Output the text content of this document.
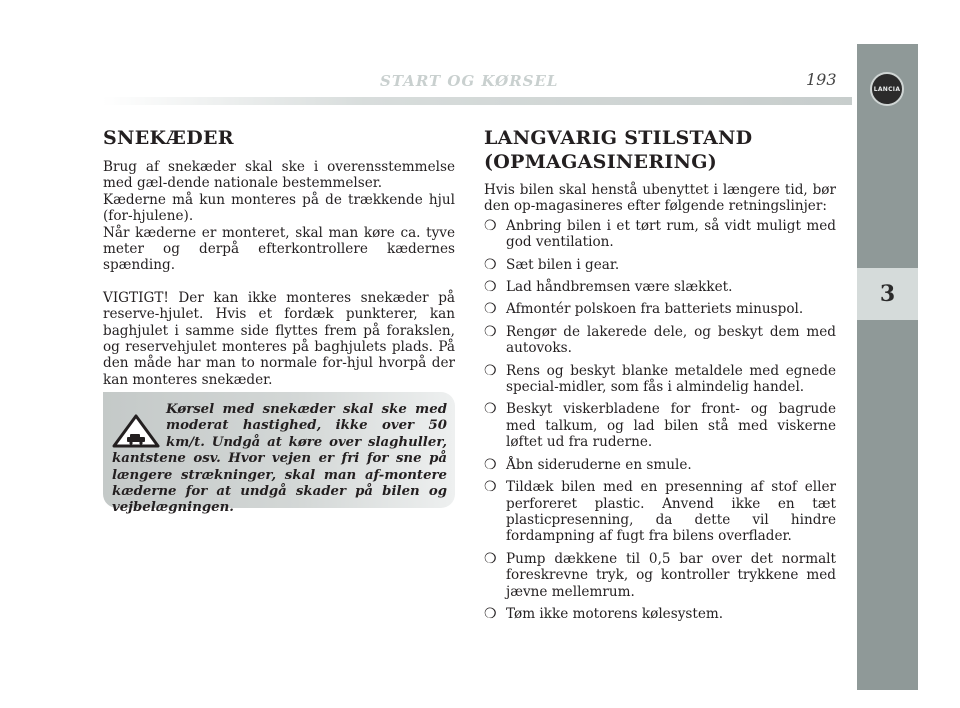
START OG KØRSEL	193	LANCIA
3
SNEKÆDER

Brug af snekæder skal ske i overensstemmelse med gæl-dende nationale bestemmelser.

Kæderne må kun monteres på de trækkende hjul (for-hjulene).

Når kæderne er monteret, skal man køre ca. tyve meter og derpå efterkontrollere kædernes spænding.

VIGTIGT! Der kan ikke monteres snekæder på reserve-hjulet. Hvis et fordæk punkterer, kan baghjulet i samme side flyttes frem på forakslen, og reservehjulet monteres på baghjulets plads. På den måde har man to normale for-hjul hvorpå der kan monteres snekæder.

Kørsel med snekæder skal ske med moderat hastighed, ikke over 50 km/t. Undgå at køre over slaghuller, kantstene osv. Hvor vejen er fri for sne på længere strækninger, skal man af-montere kæderne for at undgå skader på bilen og vejbelægningen.

LANGVARIG STILSTAND
(OPMAGASINERING)

Hvis bilen skal henstå ubenyttet i længere tid, bør den op-magasineres efter følgende retningslinjer:

❍ Anbring bilen i et tørt rum, så vidt muligt med god ventilation.
❍ Sæt bilen i gear.
❍ Lad håndbremsen være slækket.
❍ Afmontér polskoen fra batteriets minuspol.
❍ Rengør de lakerede dele, og beskyt dem med autovoks.
❍ Rens og beskyt blanke metaldele med egnede special-midler, som fås i almindelig handel.
❍ Beskyt viskerbladene for front- og bagrude med talkum, og lad bilen stå med viskerne løftet ud fra ruderne.
❍ Åbn sideruderne en smule.
❍ Tildæk bilen med en presenning af stof eller perforeret plastic. Anvend ikke en tæt plasticpresenning, da dette vil hindre fordampning af fugt fra bilens overflader.
❍ Pump dækkene til 0,5 bar over det normalt foreskrevne tryk, og kontroller trykkene med jævne mellemrum.
❍ Tøm ikke motorens kølesystem.
